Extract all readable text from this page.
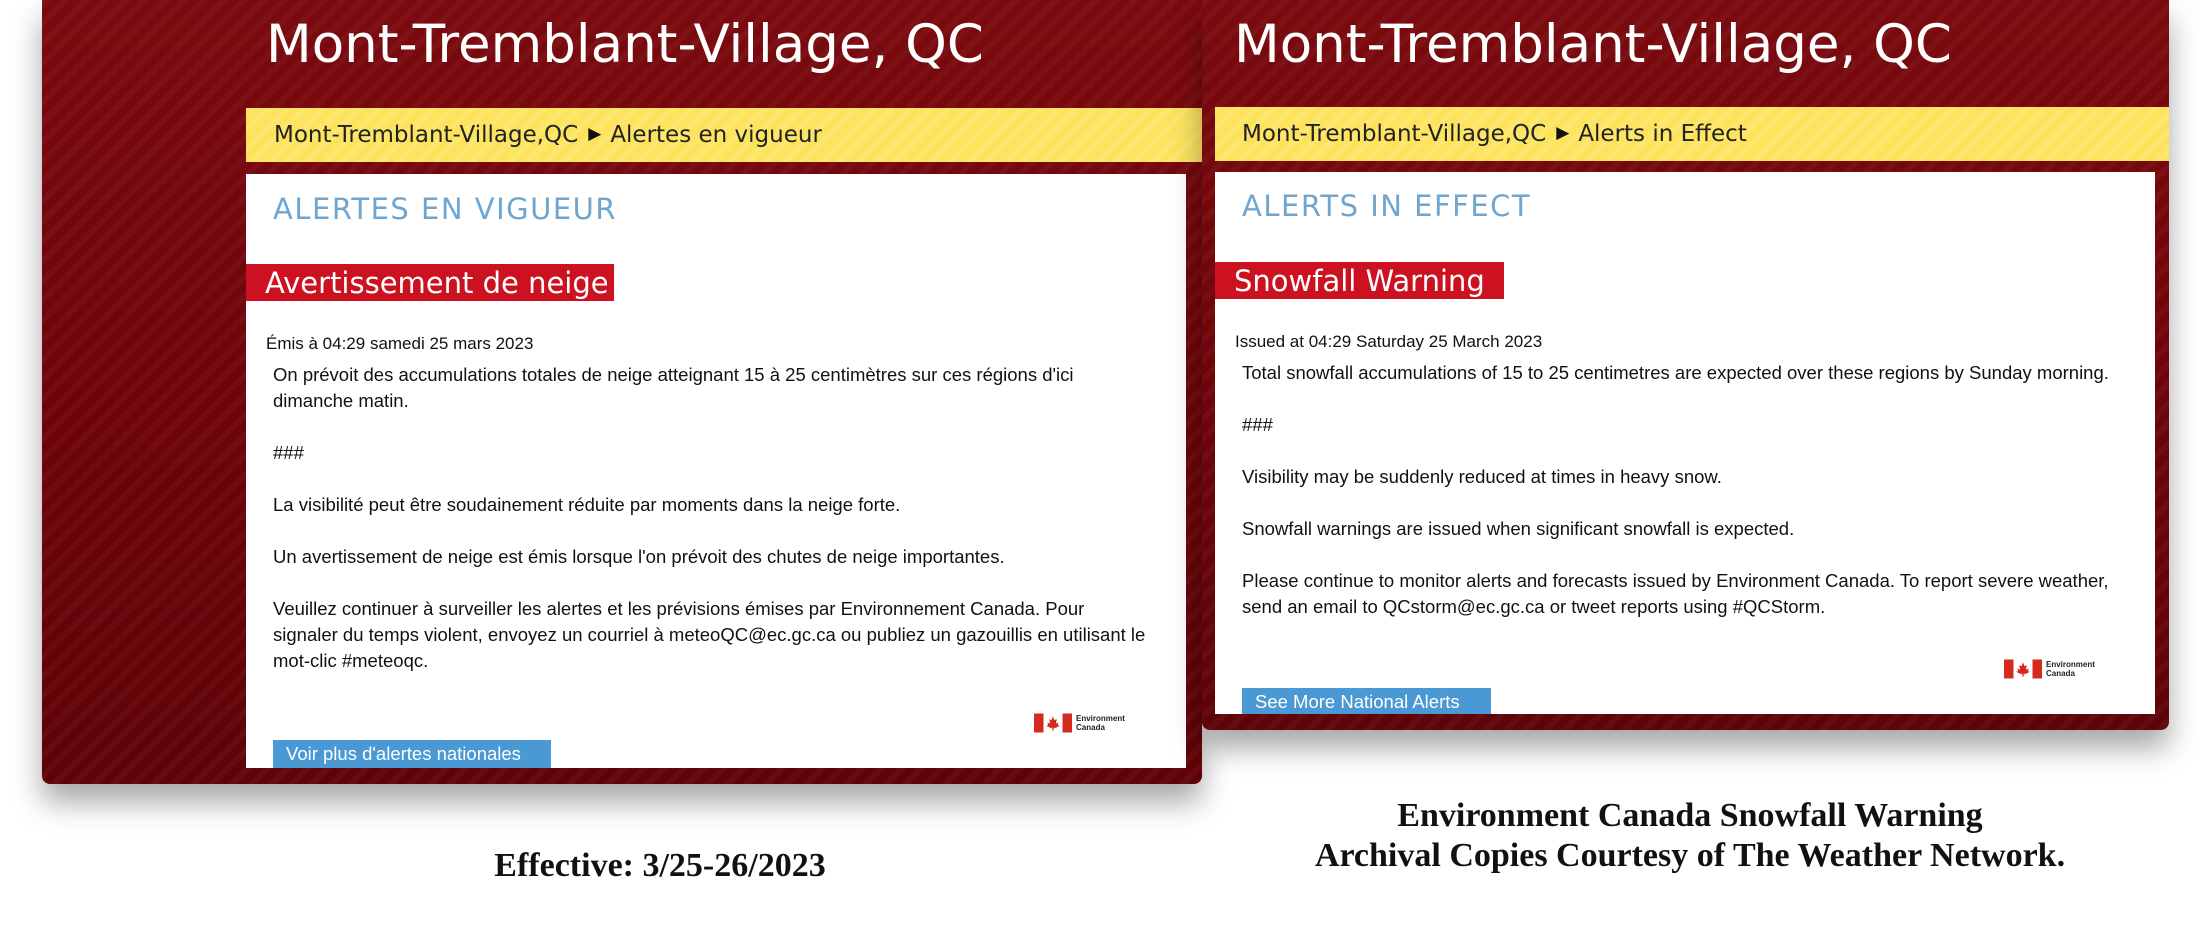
Mont-Tremblant-Village, QC
Mont-Tremblant-Village,QC ▶ Alertes en vigueur
ALERTES EN VIGUEUR
Avertissement de neige
Émis à 04:29 samedi 25 mars 2023

On prévoit des accumulations totales de neige atteignant 15 à 25 centimètres sur ces régions d'ici dimanche matin.

###

La visibilité peut être soudainement réduite par moments dans la neige forte.

Un avertissement de neige est émis lorsque l'on prévoit des chutes de neige importantes.

Veuillez continuer à surveiller les alertes et les prévisions émises par Environnement Canada. Pour signaler du temps violent, envoyez un courriel à meteoQC@ec.gc.ca ou publiez un gazouillis en utilisant le mot-clic #meteoqc.

Environment
Canada
Voir plus d'alertes nationales
Mont-Tremblant-Village, QC
Mont-Tremblant-Village,QC ▶ Alerts in Effect
ALERTS IN EFFECT
Snowfall Warning
Issued at 04:29 Saturday 25 March 2023

Total snowfall accumulations of 15 to 25 centimetres are expected over these regions by Sunday morning.

###

Visibility may be suddenly reduced at times in heavy snow.

Snowfall warnings are issued when significant snowfall is expected.

Please continue to monitor alerts and forecasts issued by Environment Canada. To report severe weather, send an email to QCstorm@ec.gc.ca or tweet reports using #QCStorm.

Environment
Canada
See More National Alerts

Effective: 3/25-26/2023

Environment Canada Snowfall Warning
Archival Copies Courtesy of The Weather Network.
